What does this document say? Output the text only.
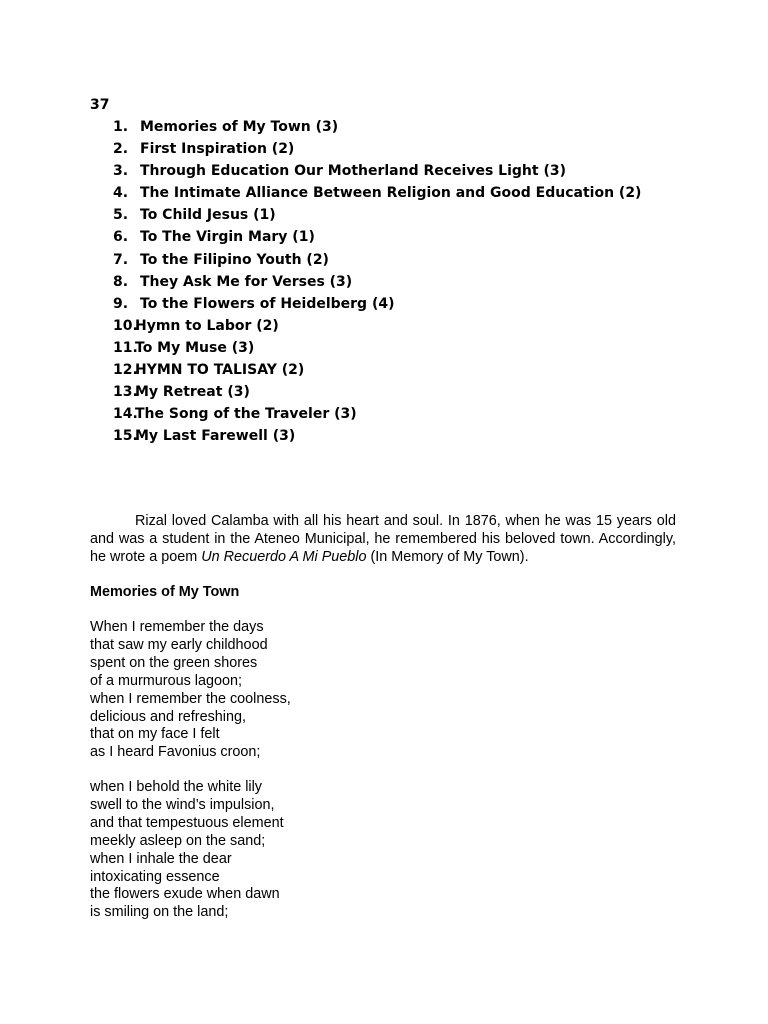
37
1. Memories of My Town (3)
2. First Inspiration (2)
3. Through Education Our Motherland Receives Light (3)
4. The Intimate Alliance Between Religion and Good Education (2)
5. To Child Jesus (1)
6. To The Virgin Mary (1)
7. To the Filipino Youth (2)
8. They Ask Me for Verses (3)
9. To the Flowers of Heidelberg (4)
10.
Hymn to Labor (2)
11.
To My Muse (3)
12.
HYMN TO TALISAY (2)
13.
My Retreat (3)
14.
The Song of the Traveler (3)
15.
My Last Farewell (3)

Rizal loved Calamba with all his heart and soul. In 1876, when he was 15 years old and was a student in the Ateneo Municipal, he remembered his beloved town. Accordingly, he wrote a poem Un Recuerdo A Mi Pueblo (In Memory of My Town).

Memories of My Town
When I remember the days
that saw my early childhood
spent on the green shores
of a murmurous lagoon;
when I remember the coolness,
delicious and refreshing,
that on my face I felt
as I heard Favonius croon;
when I behold the white lily
swell to the wind’s impulsion,
and that tempestuous element
meekly asleep on the sand;
when I inhale the dear
intoxicating essence
the flowers exude when dawn
is smiling on the land;
